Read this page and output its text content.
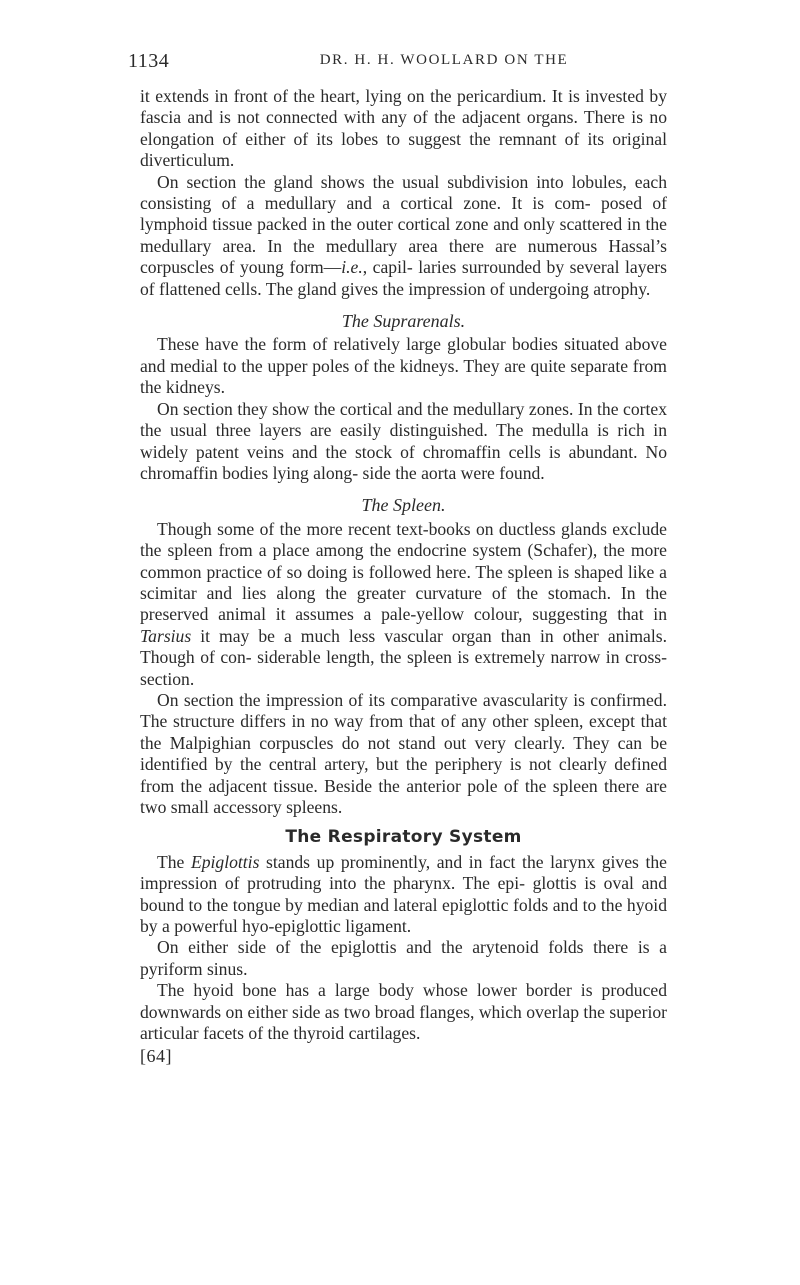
1134	DR. H. H. WOOLLARD ON THE

it extends in front of the heart, lying on the pericardium. It is invested by fascia and is not connected with any of the adjacent organs. There is no elongation of either of its lobes to suggest the remnant of its original diverticulum.

On section the gland shows the usual subdivision into lobules, each consisting of a medullary and a cortical zone. It is com- posed of lymphoid tissue packed in the outer cortical zone and only scattered in the medullary area. In the medullary area there are numerous Hassal’s corpuscles of young form—i.e., capil- laries surrounded by several layers of flattened cells. The gland gives the impression of undergoing atrophy.

The Suprarenals.

These have the form of relatively large globular bodies situated above and medial to the upper poles of the kidneys. They are quite separate from the kidneys.

On section they show the cortical and the medullary zones. In the cortex the usual three layers are easily distinguished. The medulla is rich in widely patent veins and the stock of chromaffin cells is abundant. No chromaffin bodies lying along- side the aorta were found.

The Spleen.

Though some of the more recent text-books on ductless glands exclude the spleen from a place among the endocrine system (Schafer), the more common practice of so doing is followed here. The spleen is shaped like a scimitar and lies along the greater curvature of the stomach. In the preserved animal it assumes a pale-yellow colour, suggesting that in Tarsius it may be a much less vascular organ than in other animals. Though of con- siderable length, the spleen is extremely narrow in cross-section.

On section the impression of its comparative avascularity is confirmed. The structure differs in no way from that of any other spleen, except that the Malpighian corpuscles do not stand out very clearly. They can be identified by the central artery, but the periphery is not clearly defined from the adjacent tissue. Beside the anterior pole of the spleen there are two small accessory spleens.

The Respiratory System

The Epiglottis stands up prominently, and in fact the larynx gives the impression of protruding into the pharynx. The epi- glottis is oval and bound to the tongue by median and lateral epiglottic folds and to the hyoid by a powerful hyo-epiglottic ligament.

On either side of the epiglottis and the arytenoid folds there is a pyriform sinus.

The hyoid bone has a large body whose lower border is produced downwards on either side as two broad flanges, which overlap the superior articular facets of the thyroid cartilages.

[64]
